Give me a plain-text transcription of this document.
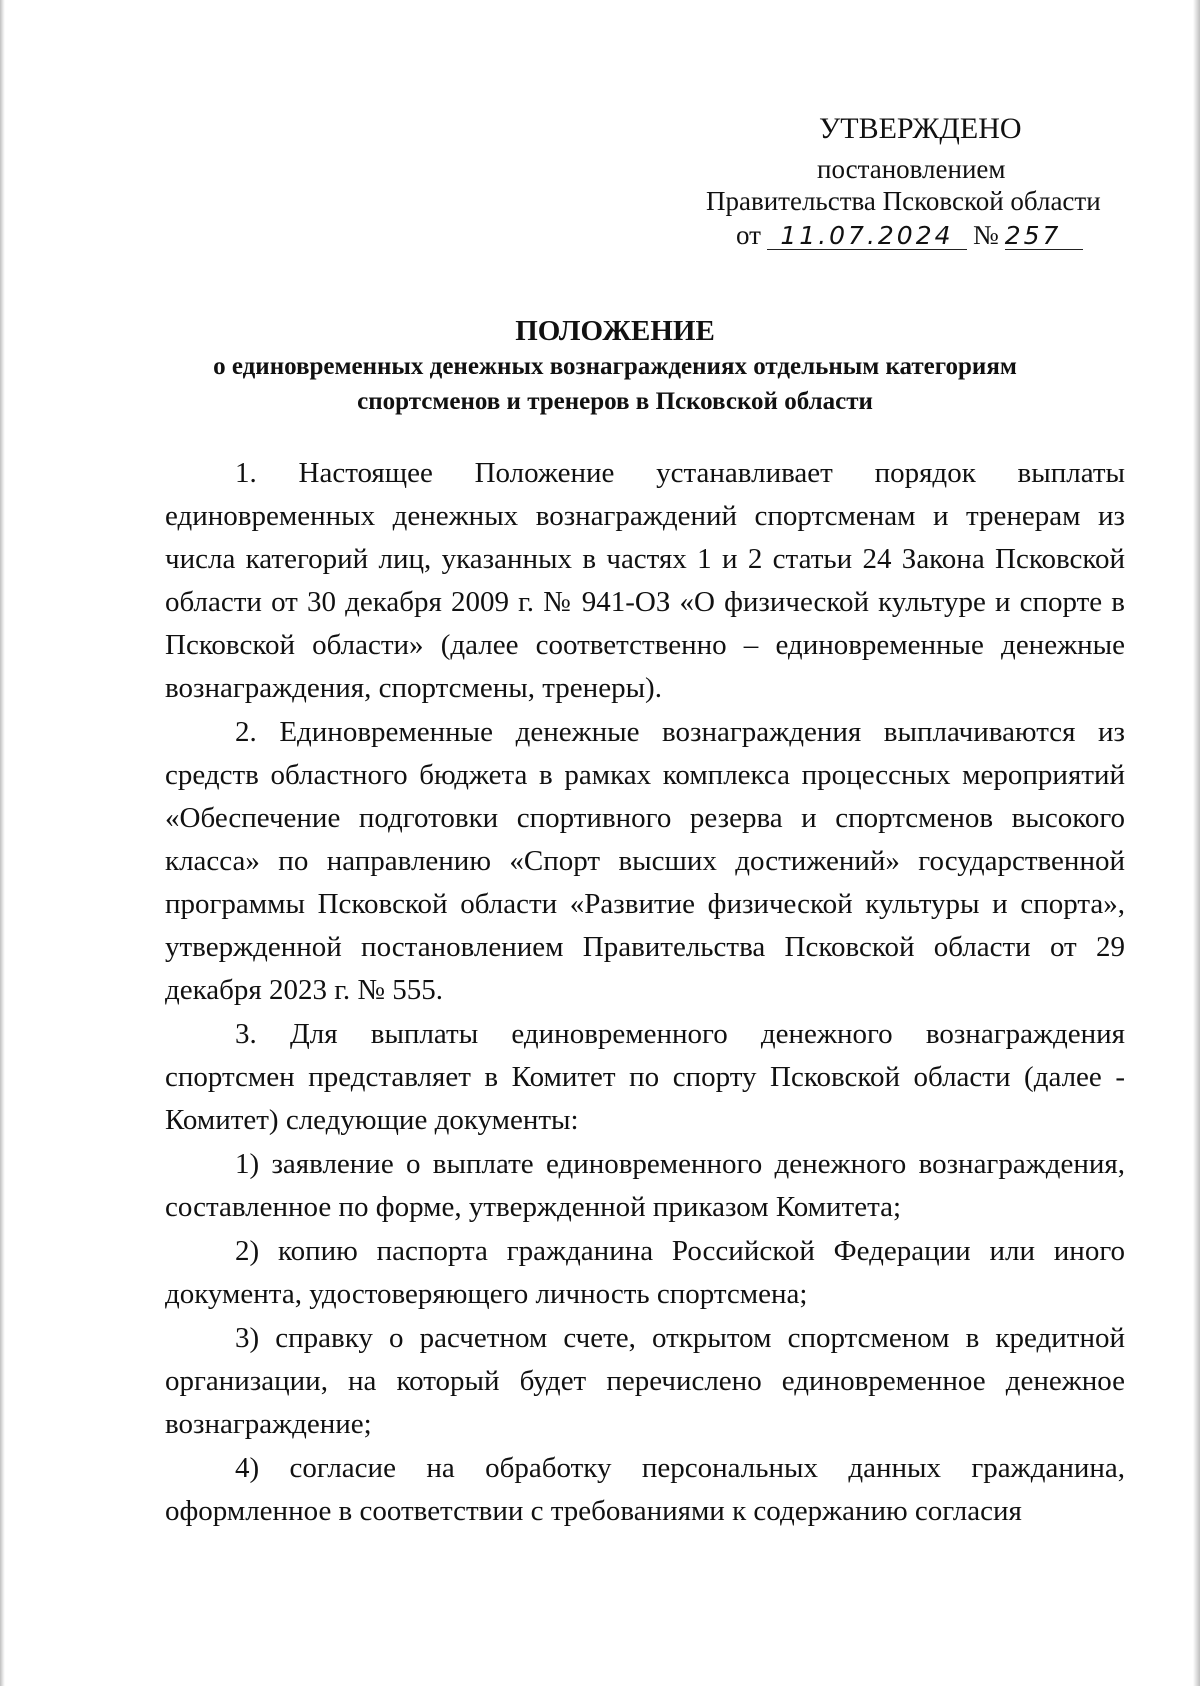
УТВЕРЖДЕНО
постановлением
Правительства Псковской области
от 11.07.2024 № 257
ПОЛОЖЕНИЕ
о единовременных денежных вознаграждениях отдельным категориям спортсменов и тренеров в Псковской области

1. Настоящее Положение устанавливает порядок выплаты единовременных денежных вознаграждений спортсменам и тренерам из числа категорий лиц, указанных в частях 1 и 2 статьи 24 Закона Псковской области от 30 декабря 2009 г. № 941-ОЗ «О физической культуре и спорте в Псковской области» (далее соответственно – единовременные денежные вознаграждения, спортсмены, тренеры).

2. Единовременные денежные вознаграждения выплачиваются из средств областного бюджета в рамках комплекса процессных мероприятий «Обеспечение подготовки спортивного резерва и спортсменов высокого класса» по направлению «Спорт высших достижений» государственной программы Псковской области «Развитие физической культуры и спорта», утвержденной постановлением Правительства Псковской области от 29 декабря 2023 г. № 555.

3. Для выплаты единовременного денежного вознаграждения спортсмен представляет в Комитет по спорту Псковской области (далее - Комитет) следующие документы:

1) заявление о выплате единовременного денежного вознаграждения, составленное по форме, утвержденной приказом Комитета;

2) копию паспорта гражданина Российской Федерации или иного документа, удостоверяющего личность спортсмена;

3) справку о расчетном счете, открытом спортсменом в кредитной организации, на который будет перечислено единовременное денежное вознаграждение;

4) согласие на обработку персональных данных гражданина, оформленное в соответствии с требованиями к содержанию согласия
